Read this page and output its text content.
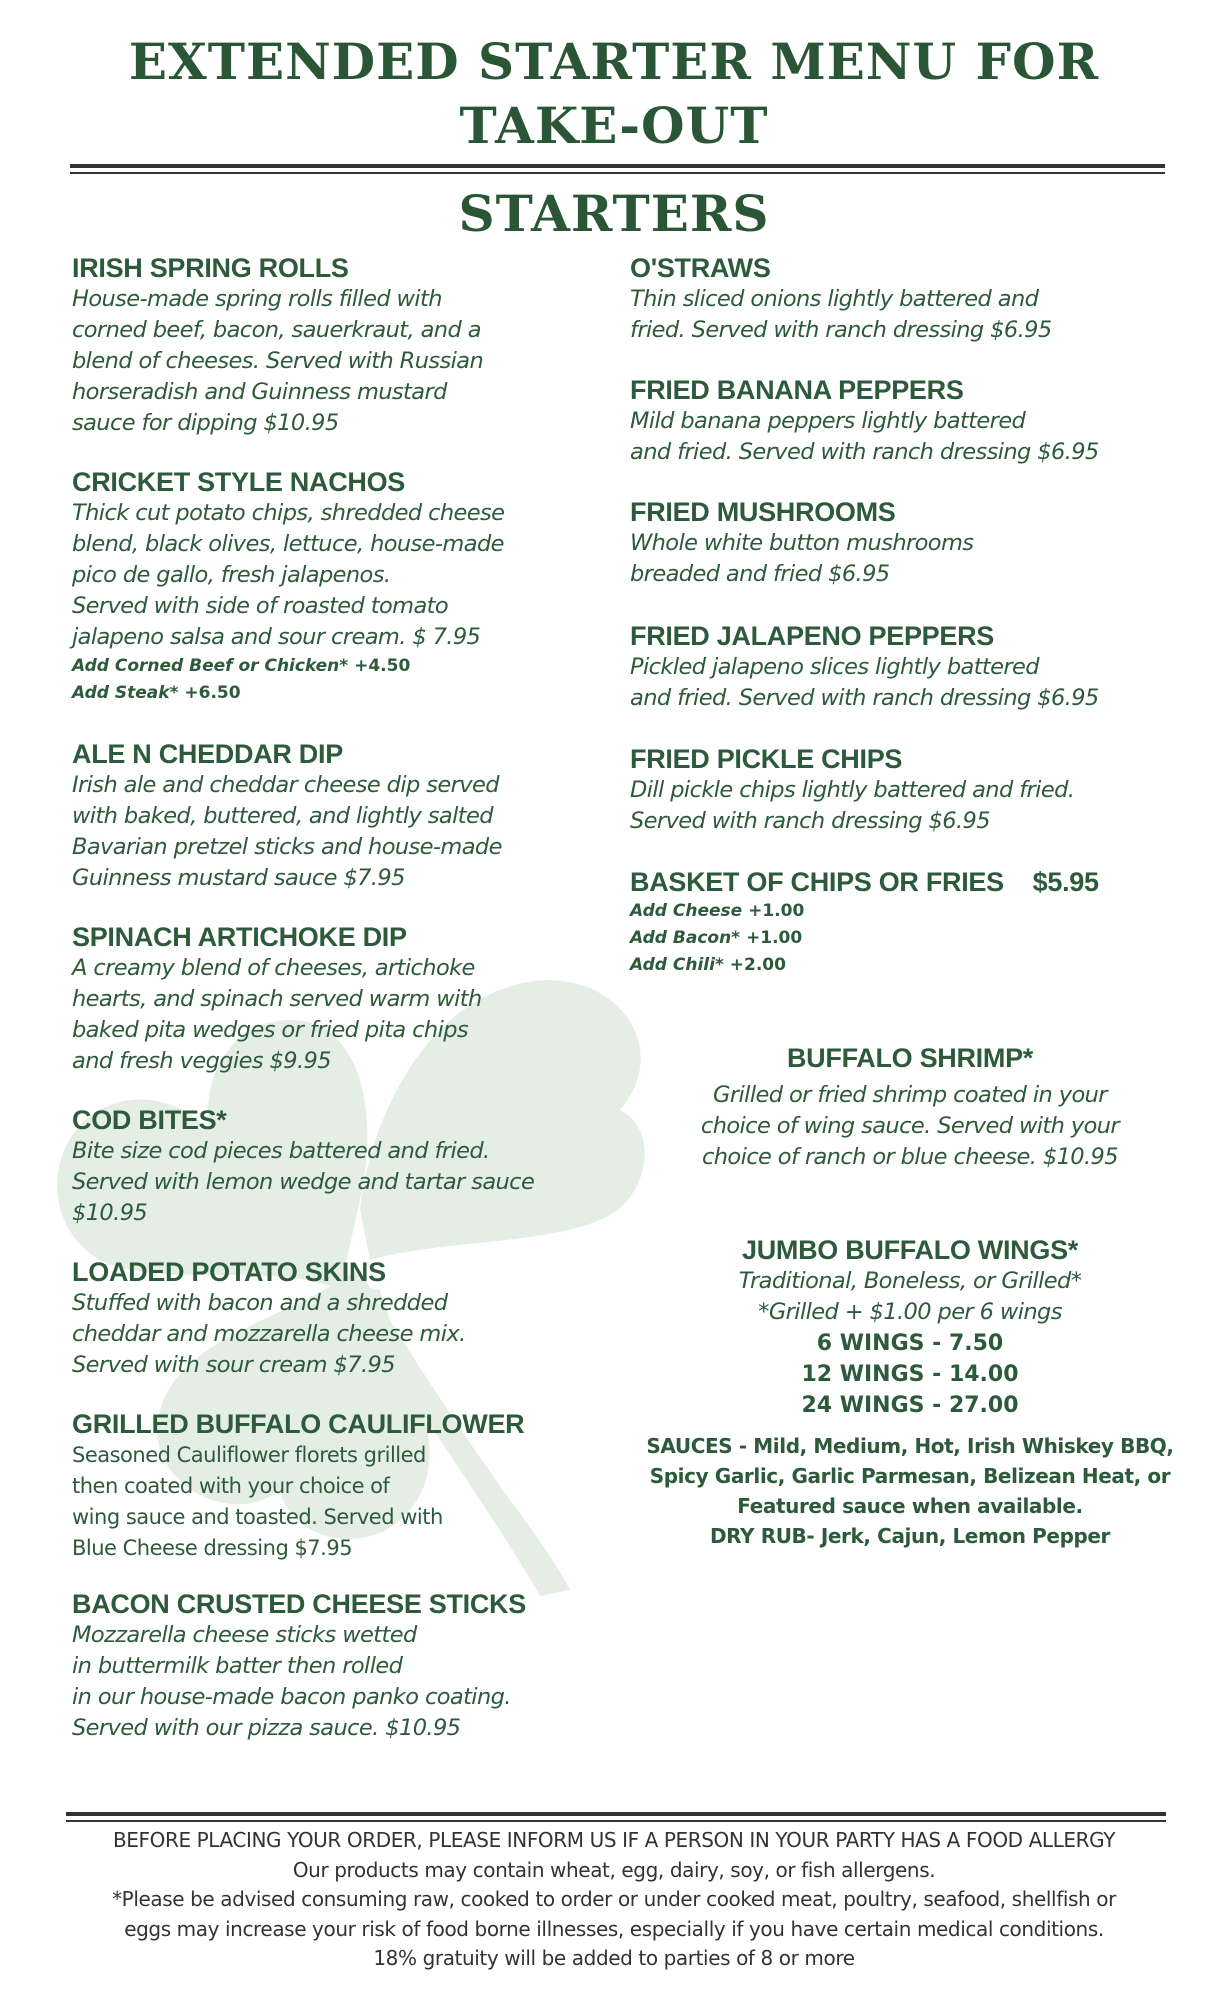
EXTENDED STARTER MENU FOR
TAKE-OUT
STARTERS
IRISH SPRING ROLLS
House-made spring rolls filled with
corned beef, bacon, sauerkraut, and a
blend of cheeses. Served with Russian
horseradish and Guinness mustard
sauce for dipping $10.95
CRICKET STYLE NACHOS
Thick cut potato chips, shredded cheese
blend, black olives, lettuce, house-made
pico de gallo, fresh jalapenos.
Served with side of roasted tomato
jalapeno salsa and sour cream. $ 7.95
Add Corned Beef or Chicken* +4.50
Add Steak* +6.50
ALE N CHEDDAR DIP
Irish ale and cheddar cheese dip served
with baked, buttered, and lightly salted
Bavarian pretzel sticks and house-made
Guinness mustard sauce $7.95
SPINACH ARTICHOKE DIP
A creamy blend of cheeses, artichoke
hearts, and spinach served warm with
baked pita wedges or fried pita chips
and fresh veggies $9.95
COD BITES*
Bite size cod pieces battered and fried.
Served with lemon wedge and tartar sauce
$10.95
LOADED POTATO SKINS
Stuffed with bacon and a shredded
cheddar and mozzarella cheese mix.
Served with sour cream $7.95
GRILLED BUFFALO CAULIFLOWER
Seasoned Cauliflower florets grilled
then coated with your choice of
wing sauce and toasted. Served with
Blue Cheese dressing $7.95
BACON CRUSTED CHEESE STICKS
Mozzarella cheese sticks wetted
in buttermilk batter then rolled
in our house-made bacon panko coating.
Served with our pizza sauce. $10.95
O'STRAWS
Thin sliced onions lightly battered and
fried. Served with ranch dressing $6.95
FRIED BANANA PEPPERS
Mild banana peppers lightly battered
and fried. Served with ranch dressing $6.95
FRIED MUSHROOMS
Whole white button mushrooms
breaded and fried $6.95
FRIED JALAPENO PEPPERS
Pickled jalapeno slices lightly battered
and fried. Served with ranch dressing $6.95
FRIED PICKLE CHIPS
Dill pickle chips lightly battered and fried.
Served with ranch dressing $6.95
BASKET OF CHIPS OR FRIES    $5.95
Add Cheese +1.00
Add Bacon* +1.00
Add Chili* +2.00
BUFFALO SHRIMP*
Grilled or fried shrimp coated in your
choice of wing sauce. Served with your
choice of ranch or blue cheese. $10.95
JUMBO BUFFALO WINGS*
Traditional, Boneless, or Grilled*
*Grilled + $1.00 per 6 wings
6 WINGS - 7.50
12 WINGS - 14.00
24 WINGS - 27.00
SAUCES - Mild, Medium, Hot, Irish Whiskey BBQ,
Spicy Garlic, Garlic Parmesan, Belizean Heat, or
Featured sauce when available.
DRY RUB- Jerk, Cajun, Lemon Pepper
BEFORE PLACING YOUR ORDER, PLEASE INFORM US IF A PERSON IN YOUR PARTY HAS A FOOD ALLERGY
Our products may contain wheat, egg, dairy, soy, or fish allergens.
*Please be advised consuming raw, cooked to order or under cooked meat, poultry, seafood, shellfish or
eggs may increase your risk of food borne illnesses, especially if you have certain medical conditions.
18% gratuity will be added to parties of 8 or more
